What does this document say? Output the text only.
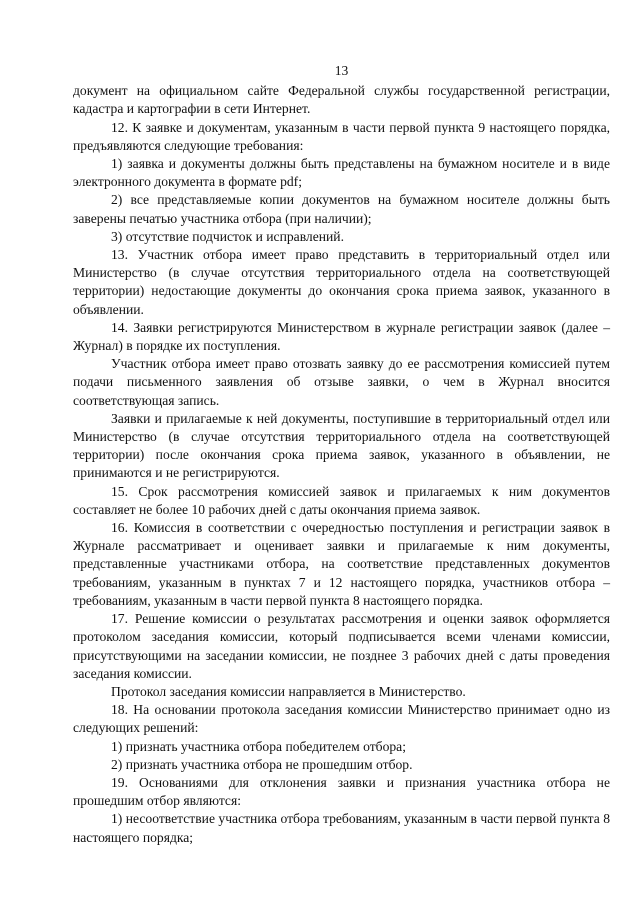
13

документ на официальном сайте Федеральной службы государственной регистрации, кадастра и картографии в сети Интернет.

12. К заявке и документам, указанным в части первой пункта 9 настоящего порядка, предъявляются следующие требования:

1) заявка и документы должны быть представлены на бумажном носителе и в виде электронного документа в формате pdf;

2) все представляемые копии документов на бумажном носителе должны быть заверены печатью участника отбора (при наличии);

3) отсутствие подчисток и исправлений.

13. Участник отбора имеет право представить в территориальный отдел или Министерство (в случае отсутствия территориального отдела на соответствующей территории) недостающие документы до окончания срока приема заявок, указанного в объявлении.

14. Заявки регистрируются Министерством в журнале регистрации заявок (далее – Журнал) в порядке их поступления.

Участник отбора имеет право отозвать заявку до ее рассмотрения комиссией путем подачи письменного заявления об отзыве заявки, о чем в Журнал вносится соответствующая запись.

Заявки и прилагаемые к ней документы, поступившие в территориальный отдел или Министерство (в случае отсутствия территориального отдела на соответствующей территории) после окончания срока приема заявок, указанного в объявлении, не принимаются и не регистрируются.

15. Срок рассмотрения комиссией заявок и прилагаемых к ним документов составляет не более 10 рабочих дней с даты окончания приема заявок.

16. Комиссия в соответствии с очередностью поступления и регистрации заявок в Журнале рассматривает и оценивает заявки и прилагаемые к ним документы, представленные участниками отбора, на соответствие представленных документов требованиям, указанным в пунктах 7 и 12 настоящего порядка, участников отбора – требованиям, указанным в части первой пункта 8 настоящего порядка.

17. Решение комиссии о результатах рассмотрения и оценки заявок оформляется протоколом заседания комиссии, который подписывается всеми членами комиссии, присутствующими на заседании комиссии, не позднее 3 рабочих дней с даты проведения заседания комиссии.

Протокол заседания комиссии направляется в Министерство.

18. На основании протокола заседания комиссии Министерство принимает одно из следующих решений:

1) признать участника отбора победителем отбора;

2) признать участника отбора не прошедшим отбор.

19. Основаниями для отклонения заявки и признания участника отбора не прошедшим отбор являются:

1) несоответствие участника отбора требованиям, указанным в части первой пункта 8 настоящего порядка;
